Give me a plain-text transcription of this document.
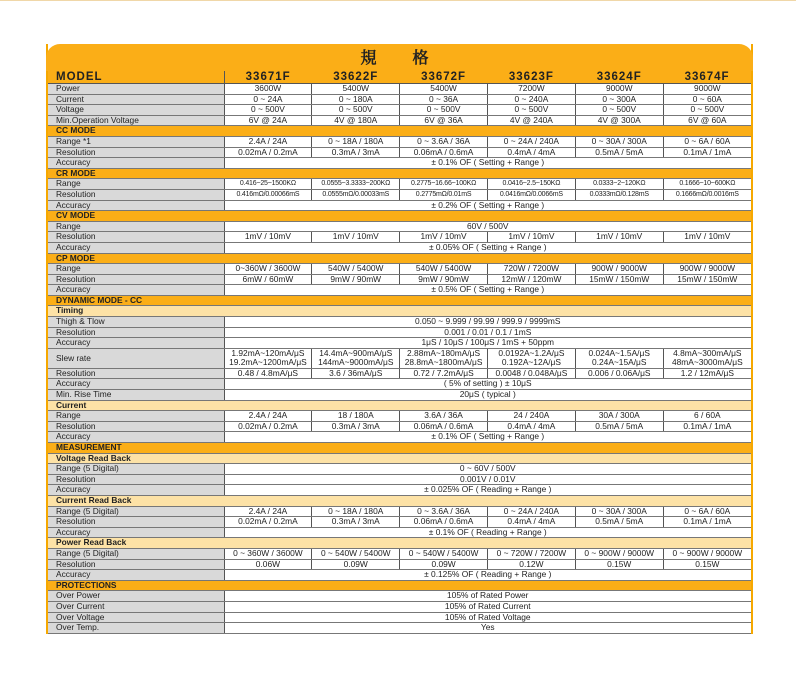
規　格
MODEL	33671F	33622F	33672F	33623F	33624F	33674F
Power	3600W	5400W	5400W	7200W	9000W	9000W
Current	0 ~ 24A	0 ~ 180A	0 ~ 36A	0 ~ 240A	0 ~ 300A	0 ~ 60A
Voltage	0 ~ 500V	0 ~ 500V	0 ~ 500V	0 ~ 500V	0 ~ 500V	0 ~ 500V
Min.Operation Voltage	6V @ 24A	4V @ 180A	6V @ 36A	4V @ 240A	4V @ 300A	6V @ 60A
CC MODE						
Range *1	2.4A / 24A	0 ~ 18A / 180A	0 ~ 3.6A / 36A	0 ~ 24A / 240A	0 ~ 30A / 300A	0 ~ 6A / 60A
Resolution	0.02mA / 0.2mA	0.3mA / 3mA	0.06mA / 0.6mA	0.4mA / 4mA	0.5mA / 5mA	0.1mA / 1mA
Accuracy	± 0.1% OF ( Setting + Range )					
CR MODE						
Range	0.416~25~1500KΩ	0.0555~3.3333~200KΩ	0.2775~16.66~100KΩ	0.0416~2.5~150KΩ	0.0333~2~120KΩ	0.1666~10~600KΩ
Resolution	0.416mΩ/0.00066mS	0.0555mΩ/0.00033mS	0.2775mΩ/0.01mS	0.0416mΩ/0.0066mS	0.0333mΩ/0.128mS	0.1666mΩ/0.0016mS
Accuracy	± 0.2% OF ( Setting + Range )					
CV MODE						
Range	60V / 500V					
Resolution	1mV / 10mV	1mV / 10mV	1mV / 10mV	1mV / 10mV	1mV / 10mV	1mV / 10mV
Accuracy	± 0.05% OF ( Setting + Range )					
CP MODE						
Range	0~360W / 3600W	540W / 5400W	540W / 5400W	720W / 7200W	900W / 9000W	900W / 9000W
Resolution	6mW / 60mW	9mW / 90mW	9mW / 90mW	12mW / 120mW	15mW / 150mW	15mW / 150mW
Accuracy	± 0.5% OF ( Setting + Range )					
DYNAMIC MODE - CC						
Timing						
Thigh & Tlow	0.050 ~ 9.999 / 99.99 / 999.9 / 9999mS					
Resolution	0.001 / 0.01 / 0.1 / 1mS					
Accuracy	1μS / 10μS / 100μS / 1mS + 50ppm					
Slew rate	1.92mA~120mA/μS 19.2mA~1200mA/μS	14.4mA~900mA/μS 144mA~9000mA/μS	2.88mA~180mA/μS 28.8mA~1800mA/μS	0.0192A~1.2A/μS 0.192A~12A/μS	0.024A~1.5A/μS 0.24A~15A/μS	4.8mA~300mA/μS 48mA~3000mA/μS
Resolution	0.48 / 4.8mA/μS	3.6 / 36mA/μS	0.72 / 7.2mA/μS	0.0048 / 0.048A/μS	0.006 / 0.06A/μS	1.2 / 12mA/μS
Accuracy	( 5% of setting ) ± 10μS					
Min. Rise Time	20μS ( typical )					
Current						
Range	2.4A / 24A	18 / 180A	3.6A / 36A	24 / 240A	30A / 300A	6 / 60A
Resolution	0.02mA / 0.2mA	0.3mA / 3mA	0.06mA / 0.6mA	0.4mA / 4mA	0.5mA / 5mA	0.1mA / 1mA
Accuracy	± 0.1% OF ( Setting + Range )					
MEASUREMENT						
Voltage Read Back						
Range (5 Digital)	0 ~ 60V / 500V					
Resolution	0.001V / 0.01V					
Accuracy	± 0.025% OF ( Reading + Range )					
Current Read Back						
Range (5 Digital)	2.4A / 24A	0 ~ 18A / 180A	0 ~ 3.6A / 36A	0 ~ 24A / 240A	0 ~ 30A / 300A	0 ~ 6A / 60A
Resolution	0.02mA / 0.2mA	0.3mA / 3mA	0.06mA / 0.6mA	0.4mA / 4mA	0.5mA / 5mA	0.1mA / 1mA
Accuracy	± 0.1% OF ( Reading + Range )					
Power Read Back						
Range (5 Digital)	0 ~ 360W / 3600W	0 ~ 540W / 5400W	0 ~ 540W / 5400W	0 ~ 720W / 7200W	0 ~ 900W / 9000W	0 ~ 900W / 9000W
Resolution	0.06W	0.09W	0.09W	0.12W	0.15W	0.15W
Accuracy	± 0.125% OF ( Reading + Range )					
PROTECTIONS						
Over Power	105% of Rated Power					
Over Current	105% of Rated Current					
Over Voltage	105% of Rated Voltage					
Over Temp.	Yes					
